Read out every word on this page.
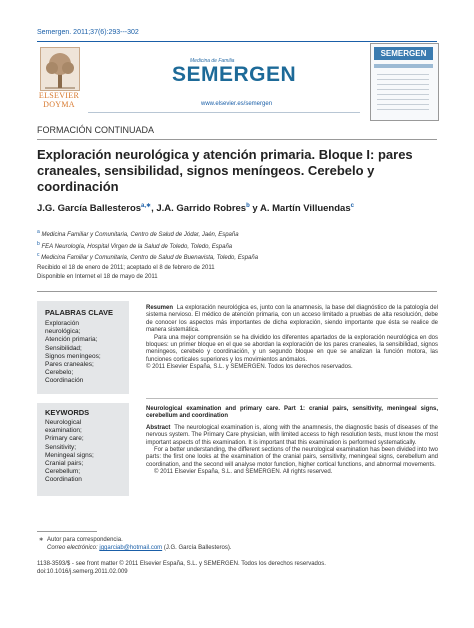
Semergen. 2011;37(6):293---302
ELSEVIER
DOYMA
Medicina de Familia
SEMERGEN
www.elsevier.es/semergen
SEMERGEN
FORMACIÓN CONTINUADA
Exploración neurológica y atención primaria. Bloque I: pares craneales, sensibilidad, signos meníngeos. Cerebelo y coordinación
J.G. García Ballesteros$^{a,∗}$, J.A. Garrido Robres$^b$ y A. Martín Villuendas$^c$
$^a$ Medicina Familiar y Comunitaria, Centro de Salud de Jódar, Jaén, España
$^b$ FEA Neurología, Hospital Virgen de la Salud de Toledo, Toledo, España
$^c$ Medicina Familiar y Comunitaria, Centro de Salud de Buenavista, Toledo, España
Recibido el 18 de enero de 2011; aceptado el 8 de febrero de 2011
Disponible en Internet el 18 de mayo de 2011
PALABRAS CLAVE
Exploración
neurológica;
Atención primaria;
Sensibilidad;
Signos meníngeos;
Pares craneales;
Cerebelo;
Coordinación
Resumen La exploración neurológica es, junto con la anamnesis, la base del diagnóstico de la patología del sistema nervioso. El médico de atención primaria, con un acceso limitado a pruebas de alta resolución, debe de conocer los aspectos más importantes de dicha exploración, siendo importante que ésta se realice de manera sistemática.
Para una mejor comprensión se ha dividido los diferentes apartados de la exploración neurológica en dos bloques: un primer bloque en el que se abordan la exploración de los pares craneales, la sensibilidad, signos meníngeos, cerebelo y coordinación, y un segundo bloque en que se analizan la función motora, las funciones corticales superiores y los movimientos anómalos.
© 2011 Elsevier España, S.L. y SEMERGEN. Todos los derechos reservados.
KEYWORDS
Neurological
examination;
Primary care;
Sensitivity;
Meningeal signs;
Cranial pairs;
Cerebellum;
Coordination
Neurological examination and primary care. Part 1: cranial pairs, sensitivity, meningeal signs, cerebellum and coordination
Abstract The neurological examination is, along with the anamnesis, the diagnostic basis of diseases of the nervous system. The Primary Care physician, with limited access to high resolution tests, must know the most important aspects of this examination. It is important that this examination is performed systematically.
For a better understanding, the different sections of the neurological examination has been divided into two parts: the first one looks at the examination of the cranial pairs, sensitivity, meningeal signs, cerebellum and coordination, and the second will analyse motor function, higher cortical functions, and abnormal movements.
© 2011 Elsevier España, S.L. and SEMERGEN. All rights reserved.
∗ Autor para correspondencia.
Correo electrónico: jggarciab@hotmail.com (J.G. García Ballesteros).
1138-3593/$ - see front matter © 2011 Elsevier España, S.L. y SEMERGEN. Todos los derechos reservados.
doi:10.1016/j.semerg.2011.02.009
